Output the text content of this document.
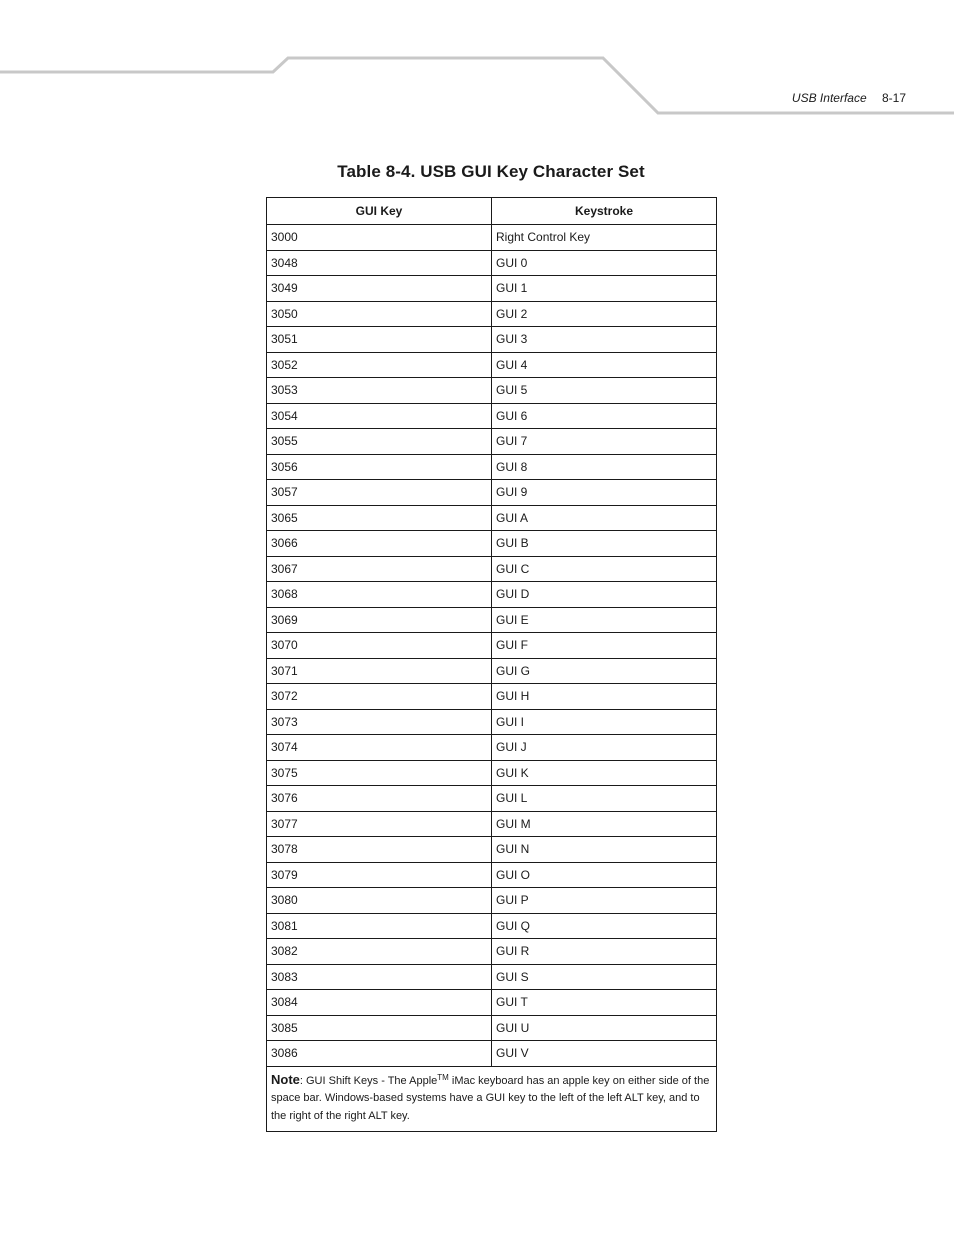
USB Interface 8-17
Table 8-4. USB GUI Key Character Set
GUI Key	Keystroke
3000	Right Control Key
3048	GUI 0
3049	GUI 1
3050	GUI 2
3051	GUI 3
3052	GUI 4
3053	GUI 5
3054	GUI 6
3055	GUI 7
3056	GUI 8
3057	GUI 9
3065	GUI A
3066	GUI B
3067	GUI C
3068	GUI D
3069	GUI E
3070	GUI F
3071	GUI G
3072	GUI H
3073	GUI I
3074	GUI J
3075	GUI K
3076	GUI L
3077	GUI M
3078	GUI N
3079	GUI O
3080	GUI P
3081	GUI Q
3082	GUI R
3083	GUI S
3084	GUI T
3085	GUI U
3086	GUI V
Note: GUI Shift Keys - The Apple™ iMac keyboard has an apple key on either side of the space bar. Windows-based systems have a GUI key to the left of the left ALT key, and to the right of the right ALT key.	
